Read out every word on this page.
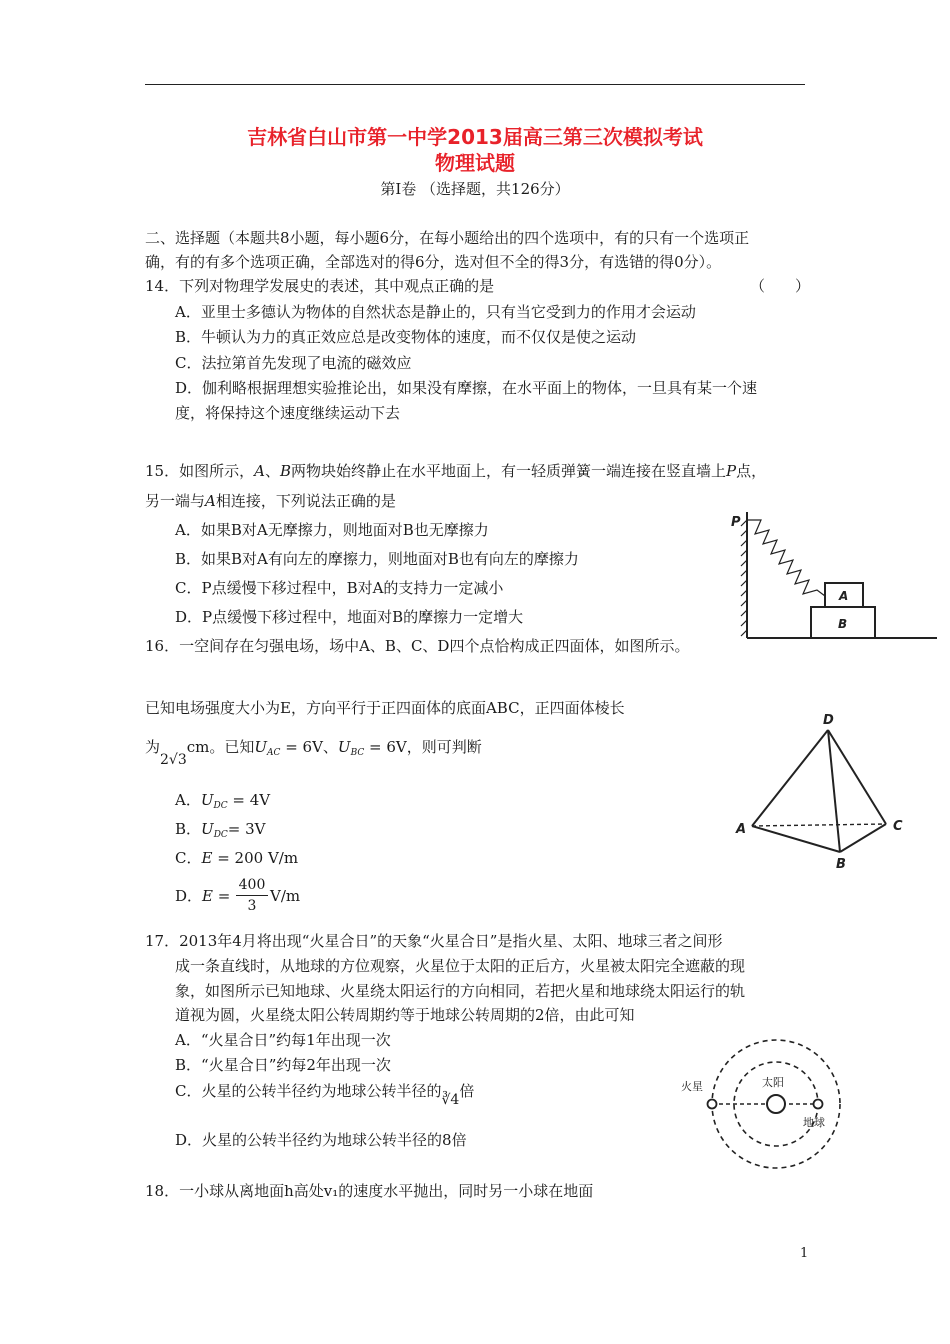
吉林省白山市第一中学2013届高三第三次模拟考试
物理试题
第Ⅰ卷 （选择题，共126分）
二、选择题（本题共8小题，每小题6分，在每小题给出的四个选项中，有的只有一个选项正
确，有的有多个选项正确，全部选对的得6分，选对但不全的得3分，有选错的得0分）。
14．下列对物理学发展史的表述，其中观点正确的是	（　　）
A．亚里士多德认为物体的自然状态是静止的，只有当它受到力的作用才会运动
B．牛顿认为力的真正效应总是改变物体的速度，而不仅仅是使之运动
C．法拉第首先发现了电流的磁效应
D．伽利略根据理想实验推论出，如果没有摩擦，在水平面上的物体，一旦具有某一个速
度，将保持这个速度继续运动下去
15．如图所示，A、B两物块始终静止在水平地面上，有一轻质弹簧一端连接在竖直墙上P点，
另一端与A相连接，下列说法正确的是
A．如果B对A无摩擦力，则地面对B也无摩擦力
B．如果B对A有向左的摩擦力，则地面对B也有向左的摩擦力
C．P点缓慢下移过程中，B对A的支持力一定减小
D．P点缓慢下移过程中，地面对B的摩擦力一定增大
P
A
B
16．一空间存在匀强电场，场中A、B、C、D四个点恰构成正四面体，如图所示。
已知电场强度大小为E，方向平行于正四面体的底面ABC，正四面体棱长
为2√3cm。已知$U_{AC} = 6V$、$U_{BC} = 6V$，则可判断
A．$U_{DC} = 4V$
B．$U_{DC}= 3V$
C．E = 200 V/m
D．E =
400
3
V/m
D
A
B
C
17．2013年4月将出现“火星合日”的天象“火星合日”是指火星、太阳、地球三者之间形
成一条直线时，从地球的方位观察，火星位于太阳的正后方，火星被太阳完全遮蔽的现
象，如图所示已知地球、火星绕太阳运行的方向相同，若把火星和地球绕太阳运行的轨
道视为圆，火星绕太阳公转周期约等于地球公转周期的2倍，由此可知
A．“火星合日”约每1年出现一次
B．“火星合日”约每2年出现一次
C．火星的公转半径约为地球公转半径的∛4倍
D．火星的公转半径约为地球公转半径的8倍
火星	太阳
地球
18．一小球从离地面h高处v₁的速度水平抛出，同时另一小球在地面
1
